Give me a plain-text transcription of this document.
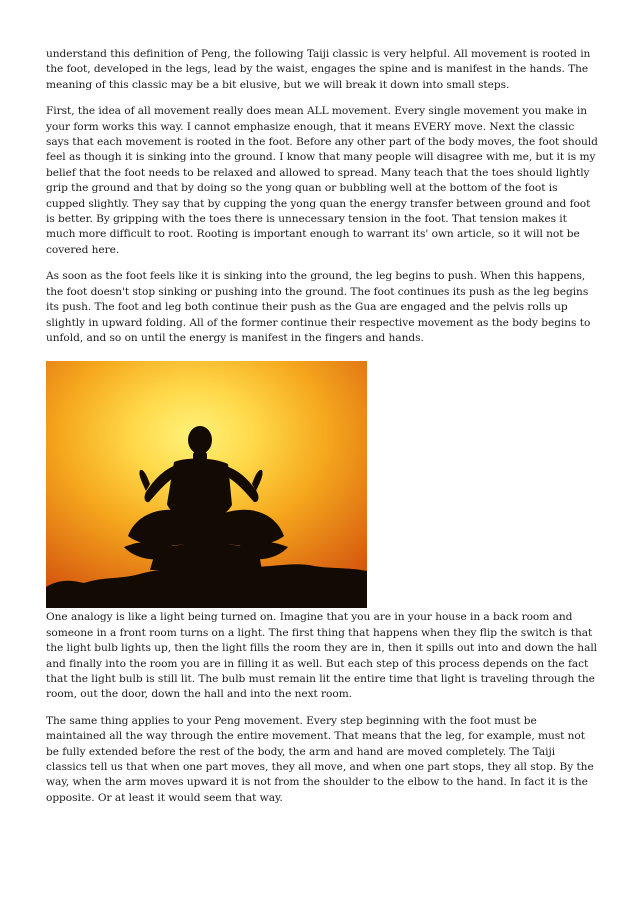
understand this definition of Peng, the following Taiji classic is very helpful. All movement is rooted in the foot, developed in the legs, lead by the waist, engages the spine and is manifest in the hands. The meaning of this classic may be a bit elusive, but we will break it down into small steps.

First, the idea of all movement really does mean ALL movement. Every single movement you make in your form works this way. I cannot emphasize enough, that it means EVERY move. Next the classic says that each movement is rooted in the foot. Before any other part of the body moves, the foot should feel as though it is sinking into the ground. I know that many people will disagree with me, but it is my belief that the foot needs to be relaxed and allowed to spread. Many teach that the toes should lightly grip the ground and that by doing so the yong quan or bubbling well at the bottom of the foot is cupped slightly. They say that by cupping the yong quan the energy transfer between ground and foot is better. By gripping with the toes there is unnecessary tension in the foot. That tension makes it much more difficult to root. Rooting is important enough to warrant its' own article, so it will not be covered here.

As soon as the foot feels like it is sinking into the ground, the leg begins to push. When this happens, the foot doesn't stop sinking or pushing into the ground. The foot continues its push as the leg begins its push. The foot and leg both continue their push as the Gua are engaged and the pelvis rolls up slightly in upward folding. All of the former continue their respective movement as the body begins to unfold, and so on until the energy is manifest in the fingers and hands.

One analogy is like a light being turned on. Imagine that you are in your house in a back room and someone in a front room turns on a light. The first thing that happens when they flip the switch is that the light bulb lights up, then the light fills the room they are in, then it spills out into and down the hall and finally into the room you are in filling it as well. But each step of this process depends on the fact that the light bulb is still lit. The bulb must remain lit the entire time that light is traveling through the room, out the door, down the hall and into the next room.

The same thing applies to your Peng movement. Every step beginning with the foot must be maintained all the way through the entire movement. That means that the leg, for example, must not be fully extended before the rest of the body, the arm and hand are moved completely. The Taiji classics tell us that when one part moves, they all move, and when one part stops, they all stop. By the way, when the arm moves upward it is not from the shoulder to the elbow to the hand. In fact it is the opposite. Or at least it would seem that way.
